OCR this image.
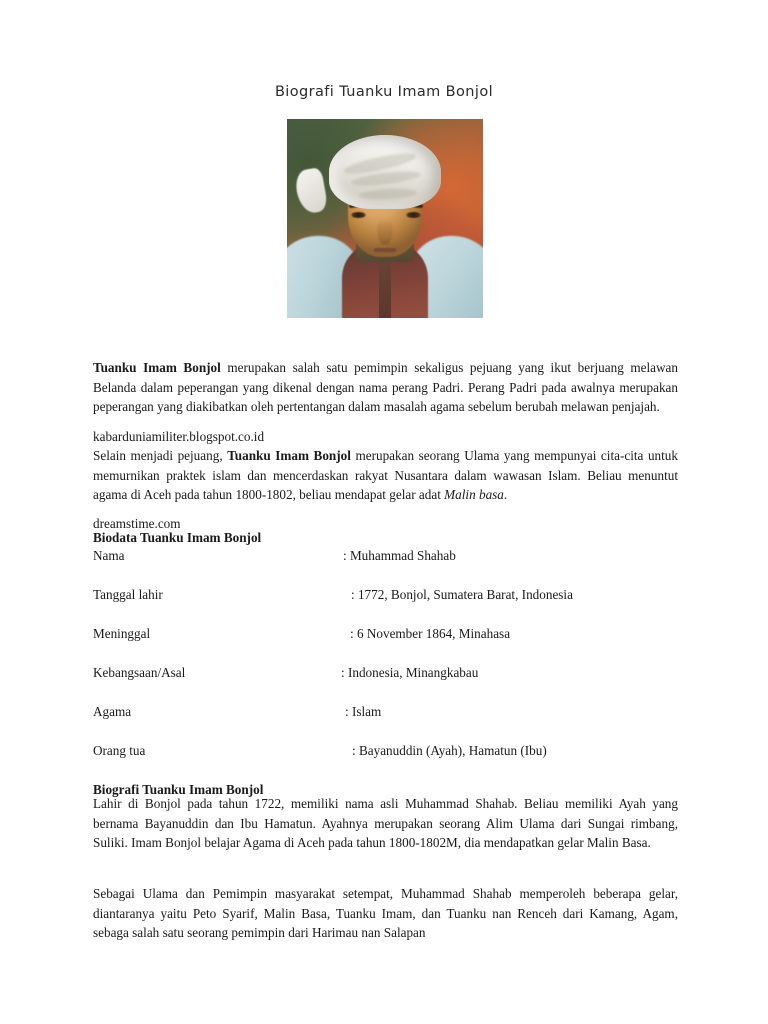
Biografi Tuanku Imam Bonjol

Tuanku Imam Bonjol merupakan salah satu pemimpin sekaligus pejuang yang ikut berjuang melawan Belanda dalam peperangan yang dikenal dengan nama perang Padri. Perang Padri pada awalnya merupakan peperangan yang diakibatkan oleh pertentangan dalam masalah agama sebelum berubah melawan penjajah.

kabarduniamiliter.blogspot.co.id

Selain menjadi pejuang, Tuanku Imam Bonjol merupakan seorang Ulama yang mempunyai cita-cita untuk memurnikan praktek islam dan mencerdaskan rakyat Nusantara dalam wawasan Islam. Beliau menuntut agama di Aceh pada tahun 1800-1802, beliau mendapat gelar adat Malin basa.

dreamstime.com

Biodata Tuanku Imam Bonjol

Nama	: Muhammad Shahab
Tanggal lahir	: 1772, Bonjol, Sumatera Barat, Indonesia
Meninggal	: 6 November 1864, Minahasa
Kebangsaan/Asal	: Indonesia, Minangkabau
Agama	: Islam
Orang tua	: Bayanuddin (Ayah), Hamatun (Ibu)

Biografi Tuanku Imam Bonjol

Lahir di Bonjol pada tahun 1722, memiliki nama asli Muhammad Shahab. Beliau memiliki Ayah yang bernama Bayanuddin dan Ibu Hamatun. Ayahnya merupakan seorang Alim Ulama dari Sungai rimbang, Suliki. Imam Bonjol belajar Agama di Aceh pada tahun 1800-1802M, dia mendapatkan gelar Malin Basa.

Sebagai Ulama dan Pemimpin masyarakat setempat, Muhammad Shahab memperoleh beberapa gelar, diantaranya yaitu Peto Syarif, Malin Basa, Tuanku Imam, dan Tuanku nan Renceh dari Kamang, Agam, sebaga salah satu seorang pemimpin dari Harimau nan Salapan
